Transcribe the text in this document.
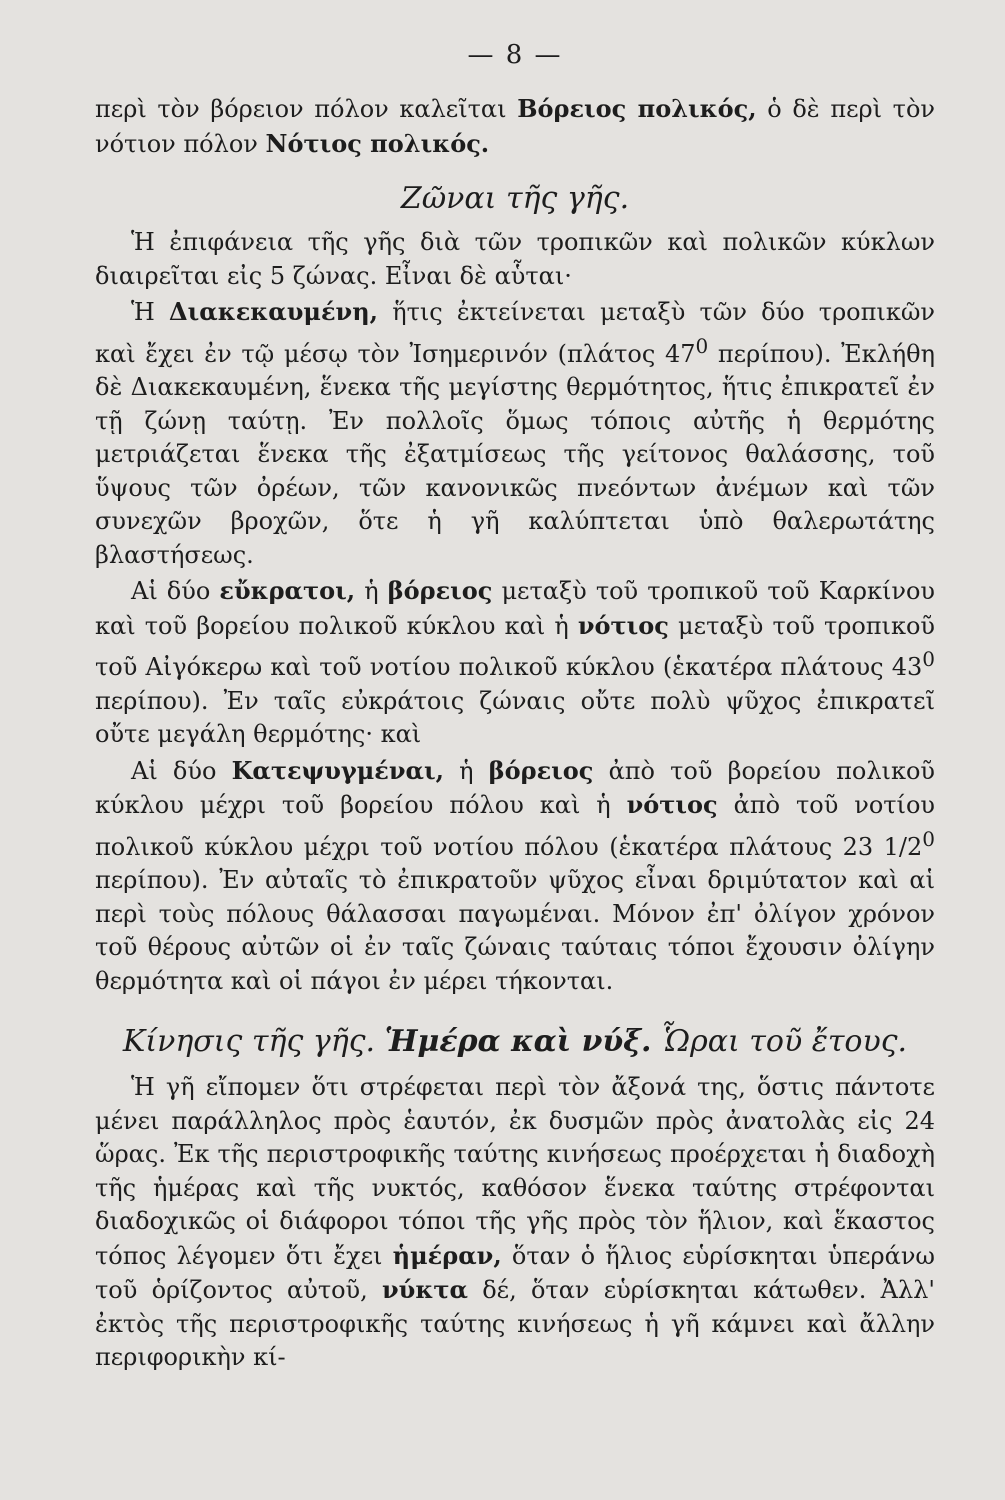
— 8 —

περὶ τὸν βόρειον πόλον καλεῖται Βόρειος πολικός, ὁ δὲ περὶ τὸν νότιον πόλον Νότιος πολικός.

Ζῶναι τῆς γῆς.

Ἡ ἐπιφάνεια τῆς γῆς διὰ τῶν τροπικῶν καὶ πολικῶν κύκλων διαιρεῖται εἰς 5 ζώνας. Εἶναι δὲ αὗται·

Ἡ Διακεκαυμένη, ἥτις ἐκτείνεται μεταξὺ τῶν δύο τροπικῶν καὶ ἔχει ἐν τῷ μέσῳ τὸν Ἰσημερινόν (πλάτος $47^0$ περίπου). Ἐκλήθη δὲ Διακεκαυμένη, ἕνεκα τῆς μεγίστης θερμότητος, ἥτις ἐπικρατεῖ ἐν τῇ ζώνῃ ταύτῃ. Ἐν πολλοῖς ὅμως τόποις αὐτῆς ἡ θερμότης μετριάζεται ἕνεκα τῆς ἐξατμίσεως τῆς γείτονος θαλάσσης, τοῦ ὕψους τῶν ὀρέων, τῶν κανονικῶς πνεόντων ἀνέμων καὶ τῶν συνεχῶν βροχῶν, ὅτε ἡ γῆ καλύπτεται ὑπὸ θαλερωτάτης βλαστήσεως.

Αἱ δύο εὔκρατοι, ἡ βόρειος μεταξὺ τοῦ τροπικοῦ τοῦ Καρκίνου καὶ τοῦ βορείου πολικοῦ κύκλου καὶ ἡ νότιος μεταξὺ τοῦ τροπικοῦ τοῦ Αἰγόκερω καὶ τοῦ νοτίου πολικοῦ κύκλου (ἑκατέρα πλάτους $43^0$ περίπου). Ἐν ταῖς εὐκράτοις ζώναις οὔτε πολὺ ψῦχος ἐπικρατεῖ οὔτε μεγάλη θερμότης· καὶ

Αἱ δύο Κατεψυγμέναι, ἡ βόρειος ἀπὸ τοῦ βορείου πολικοῦ κύκλου μέχρι τοῦ βορείου πόλου καὶ ἡ νότιος ἀπὸ τοῦ νοτίου πολικοῦ κύκλου μέχρι τοῦ νοτίου πόλου (ἑκατέρα πλάτους 23 $1/2^0$ περίπου). Ἐν αὐταῖς τὸ ἐπικρατοῦν ψῦχος εἶναι δριμύτατον καὶ αἱ περὶ τοὺς πόλους θάλασσαι παγωμέναι. Μόνον ἐπ' ὀλίγον χρόνον τοῦ θέρους αὐτῶν οἱ ἐν ταῖς ζώναις ταύταις τόποι ἔχουσιν ὀλίγην θερμότητα καὶ οἱ πάγοι ἐν μέρει τήκονται.

Κίνησις τῆς γῆς. Ἡμέρα καὶ νύξ. Ὧραι τοῦ ἔτους.

Ἡ γῆ εἴπομεν ὅτι στρέφεται περὶ τὸν ἄξονά της, ὅστις πάντοτε μένει παράλληλος πρὸς ἑαυτόν, ἐκ δυσμῶν πρὸς ἀνατολὰς εἰς 24 ὥρας. Ἐκ τῆς περιστροφικῆς ταύτης κινήσεως προέρχεται ἡ διαδοχὴ τῆς ἡμέρας καὶ τῆς νυκτός, καθόσον ἕνεκα ταύτης στρέφονται διαδοχικῶς οἱ διάφοροι τόποι τῆς γῆς πρὸς τὸν ἥλιον, καὶ ἕκαστος τόπος λέγομεν ὅτι ἔχει ἡμέραν, ὅταν ὁ ἥλιος εὑρίσκηται ὑπεράνω τοῦ ὁρίζοντος αὐτοῦ, νύκτα δέ, ὅταν εὑρίσκηται κάτωθεν. Ἀλλ' ἐκτὸς τῆς περιστροφικῆς ταύτης κινήσεως ἡ γῆ κάμνει καὶ ἄλλην περιφορικὴν κί-
